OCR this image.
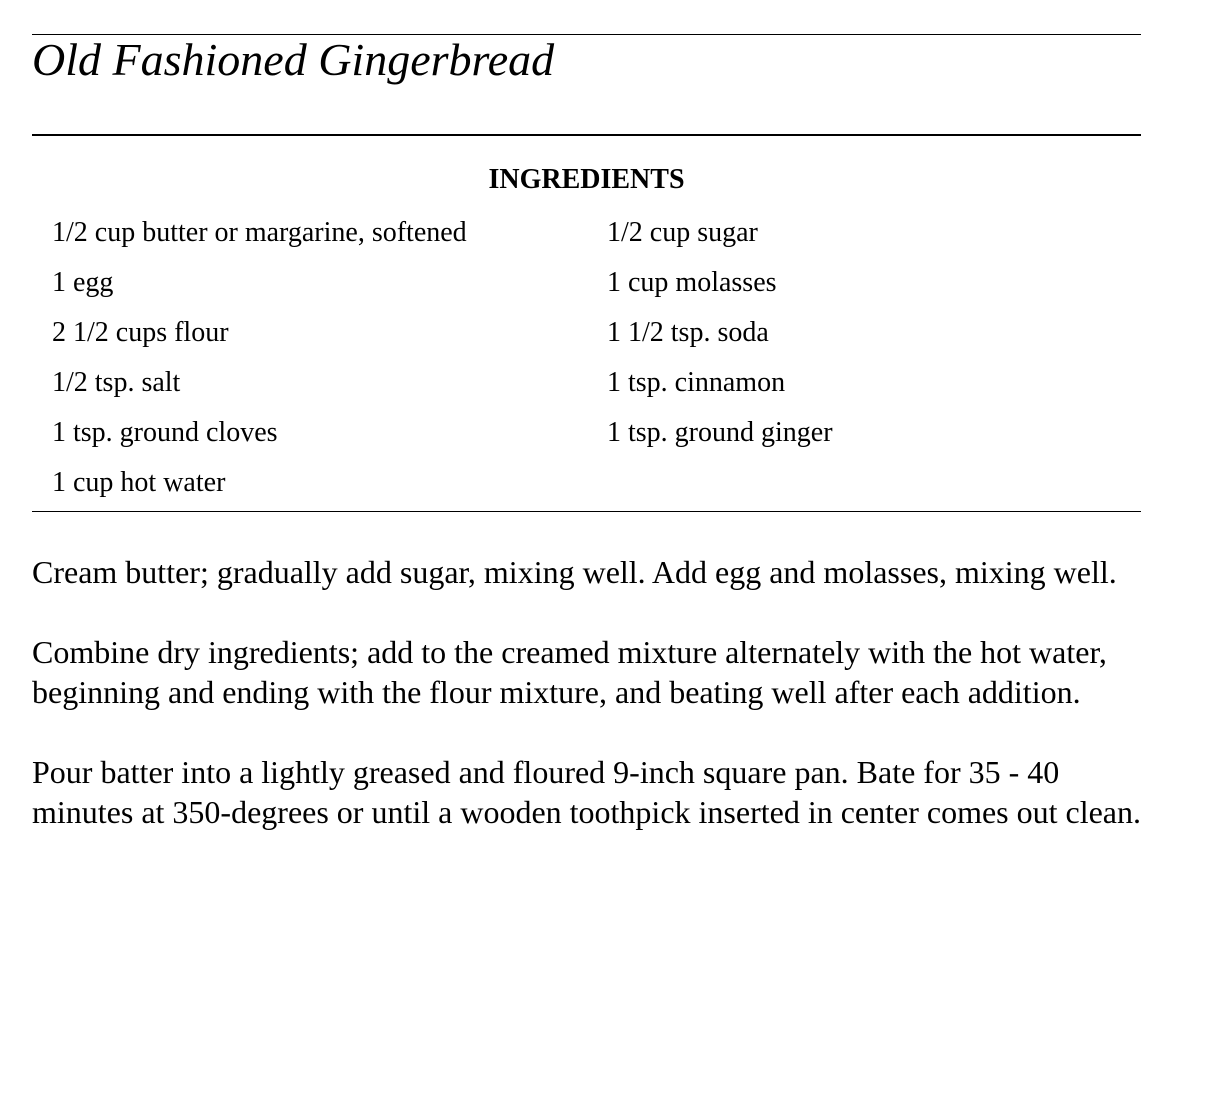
Old Fashioned Gingerbread
INGREDIENTS
1/2 cup butter or margarine, softened	1/2 cup sugar
1 egg	1 cup molasses
2 1/2 cups flour	1 1/2 tsp. soda
1/2 tsp. salt	1 tsp. cinnamon
1 tsp. ground cloves	1 tsp. ground ginger
1 cup hot water

Cream butter; gradually add sugar, mixing well. Add egg and molasses, mixing well.

Combine dry ingredients; add to the creamed mixture alternately with the hot water, beginning and ending with the flour mixture, and beating well after each addition.

Pour batter into a lightly greased and floured 9-inch square pan. Bate for 35 - 40 minutes at 350-degrees or until a wooden toothpick inserted in center comes out clean.
